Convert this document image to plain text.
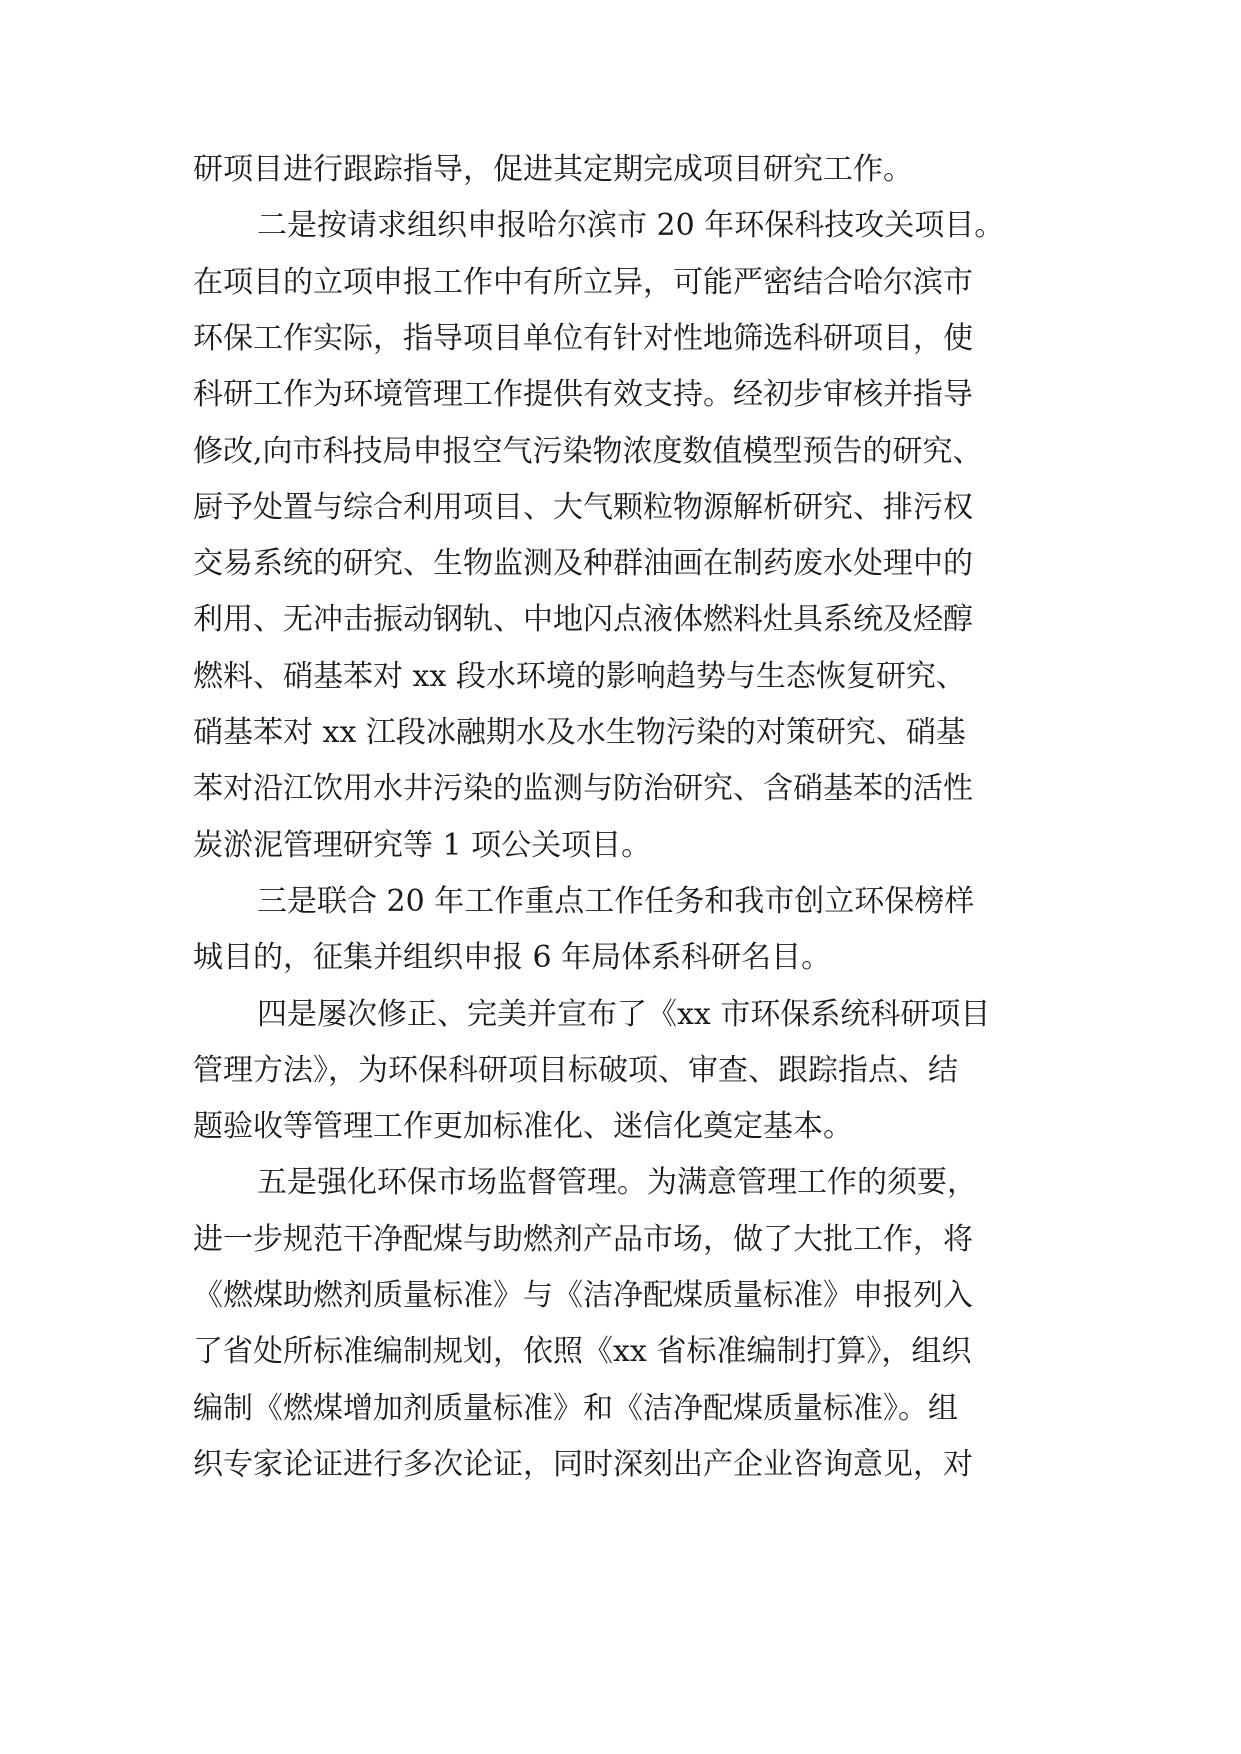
研项目进行跟踪指导，促进其定期完成项目研究工作。
二是按请求组织申报哈尔滨市 20 年环保科技攻关项目。
在项目的立项申报工作中有所立异，可能严密结合哈尔滨市
环保工作实际，指导项目单位有针对性地筛选科研项目，使
科研工作为环境管理工作提供有效支持。经初步审核并指导
修改,向市科技局申报空气污染物浓度数值模型预告的研究、
厨予处置与综合利用项目、大气颗粒物源解析研究、排污权
交易系统的研究、生物监测及种群油画在制药废水处理中的
利用、无冲击振动钢轨、中地闪点液体燃料灶具系统及烃醇
燃料、硝基苯对 xx 段水环境的影响趋势与生态恢复研究、
硝基苯对 xx 江段冰融期水及水生物污染的对策研究、硝基
苯对沿江饮用水井污染的监测与防治研究、含硝基苯的活性
炭淤泥管理研究等 1 项公关项目。
三是联合 20 年工作重点工作任务和我市创立环保榜样
城目的，征集并组织申报 6 年局体系科研名目。
四是屡次修正、完美并宣布了《xx 市环保系统科研项目
管理方法》，为环保科研项目标破项、审查、跟踪指点、结
题验收等管理工作更加标准化、迷信化奠定基本。
五是强化环保市场监督管理。为满意管理工作的须要，
进一步规范干净配煤与助燃剂产品市场，做了大批工作，将
《燃煤助燃剂质量标准》与《洁净配煤质量标准》申报列入
了省处所标准编制规划，依照《xx 省标准编制打算》，组织
编制《燃煤增加剂质量标准》和《洁净配煤质量标准》。组
织专家论证进行多次论证，同时深刻出产企业咨询意见，对
